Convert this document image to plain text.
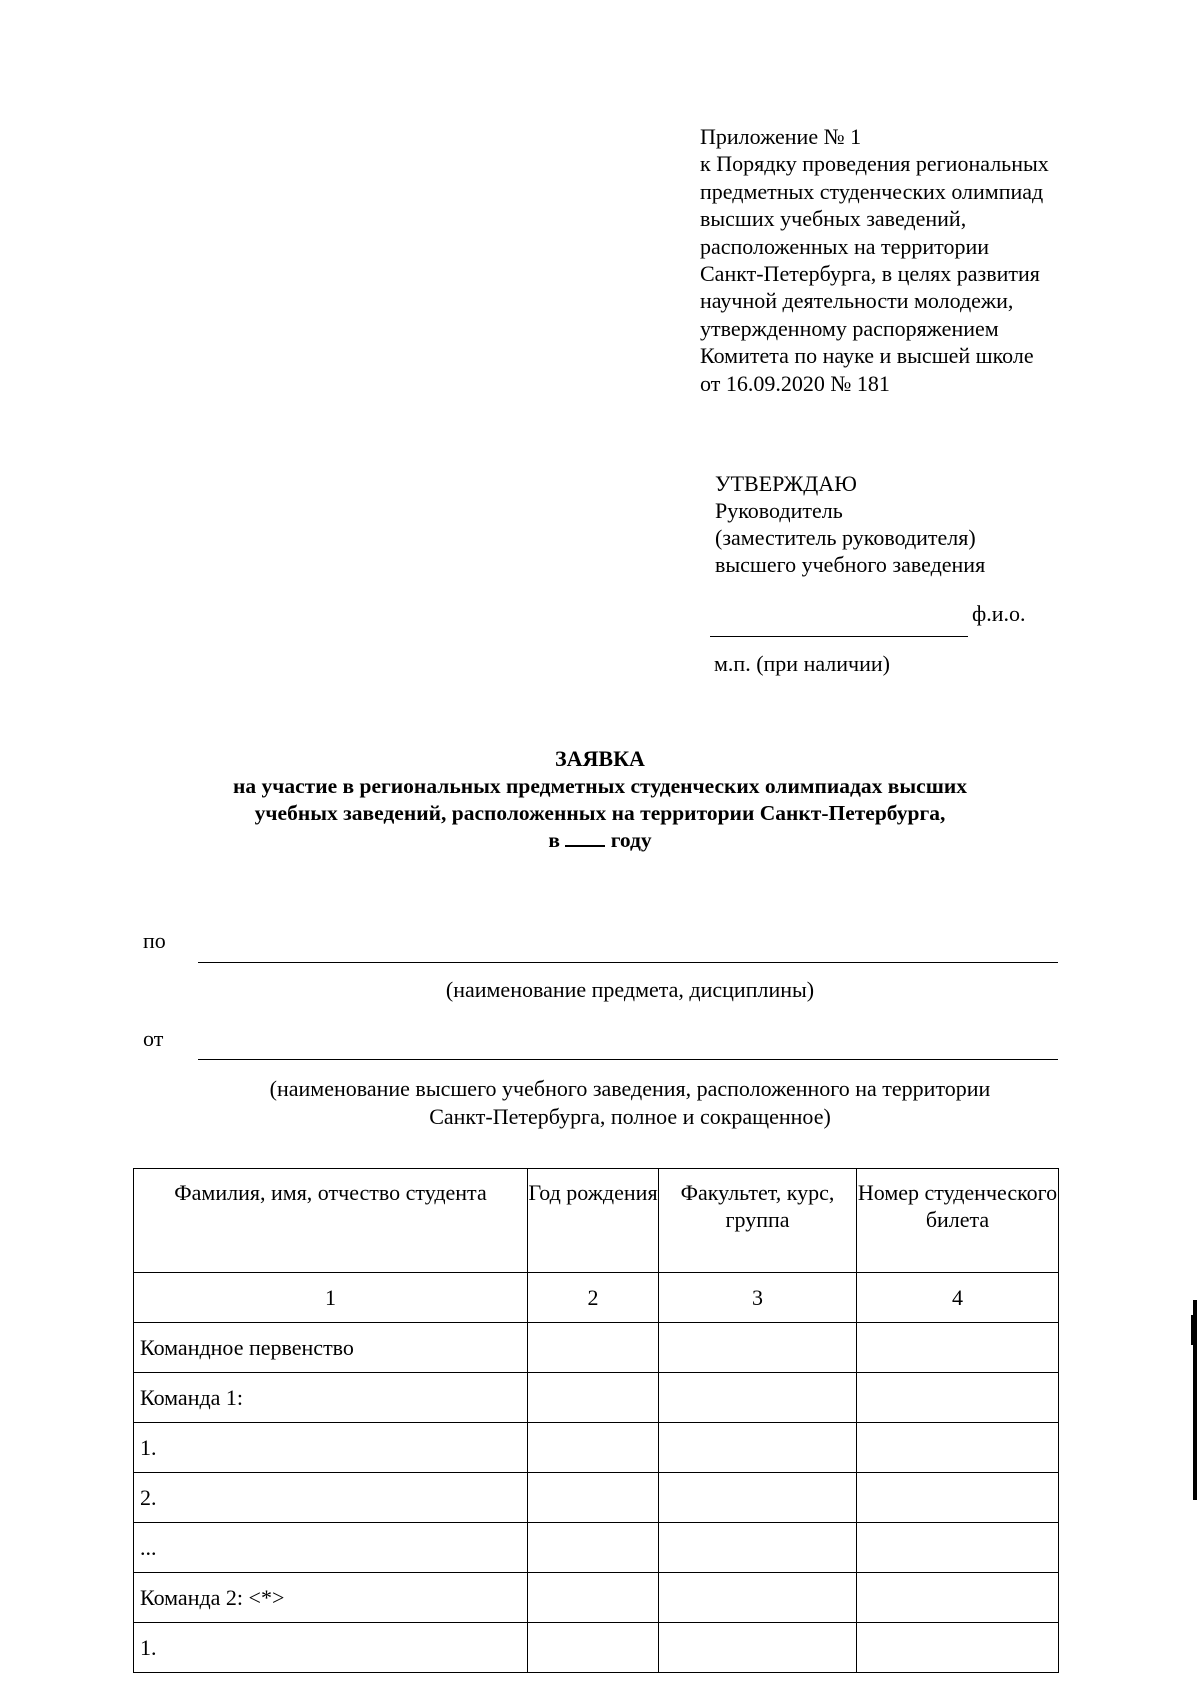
Приложение № 1
к Порядку проведения региональных
предметных студенческих олимпиад
высших учебных заведений,
расположенных на территории
Санкт-Петербурга, в целях развития
научной деятельности молодежи,
утвержденному распоряжением
Комитета по науке и высшей школе
от 16.09.2020 № 181
УТВЕРЖДАЮ
Руководитель
(заместитель руководителя)
высшего учебного заведения
ф.и.о.
м.п. (при наличии)
ЗАЯВКА
на участие в региональных предметных студенческих олимпиадах высших
учебных заведений, расположенных на территории Санкт-Петербурга,
в году
по
(наименование предмета, дисциплины)
от
(наименование высшего учебного заведения, расположенного на территории
Санкт-Петербурга, полное и сокращенное)
Фамилия, имя, отчество студента	Год рождения	Факультет, курс, группа	Номер студенческого билета
1	2	3	4
Командное первенство			
Команда 1:			
1.			
2.			
...			
Команда 2: <*>			
1.			
